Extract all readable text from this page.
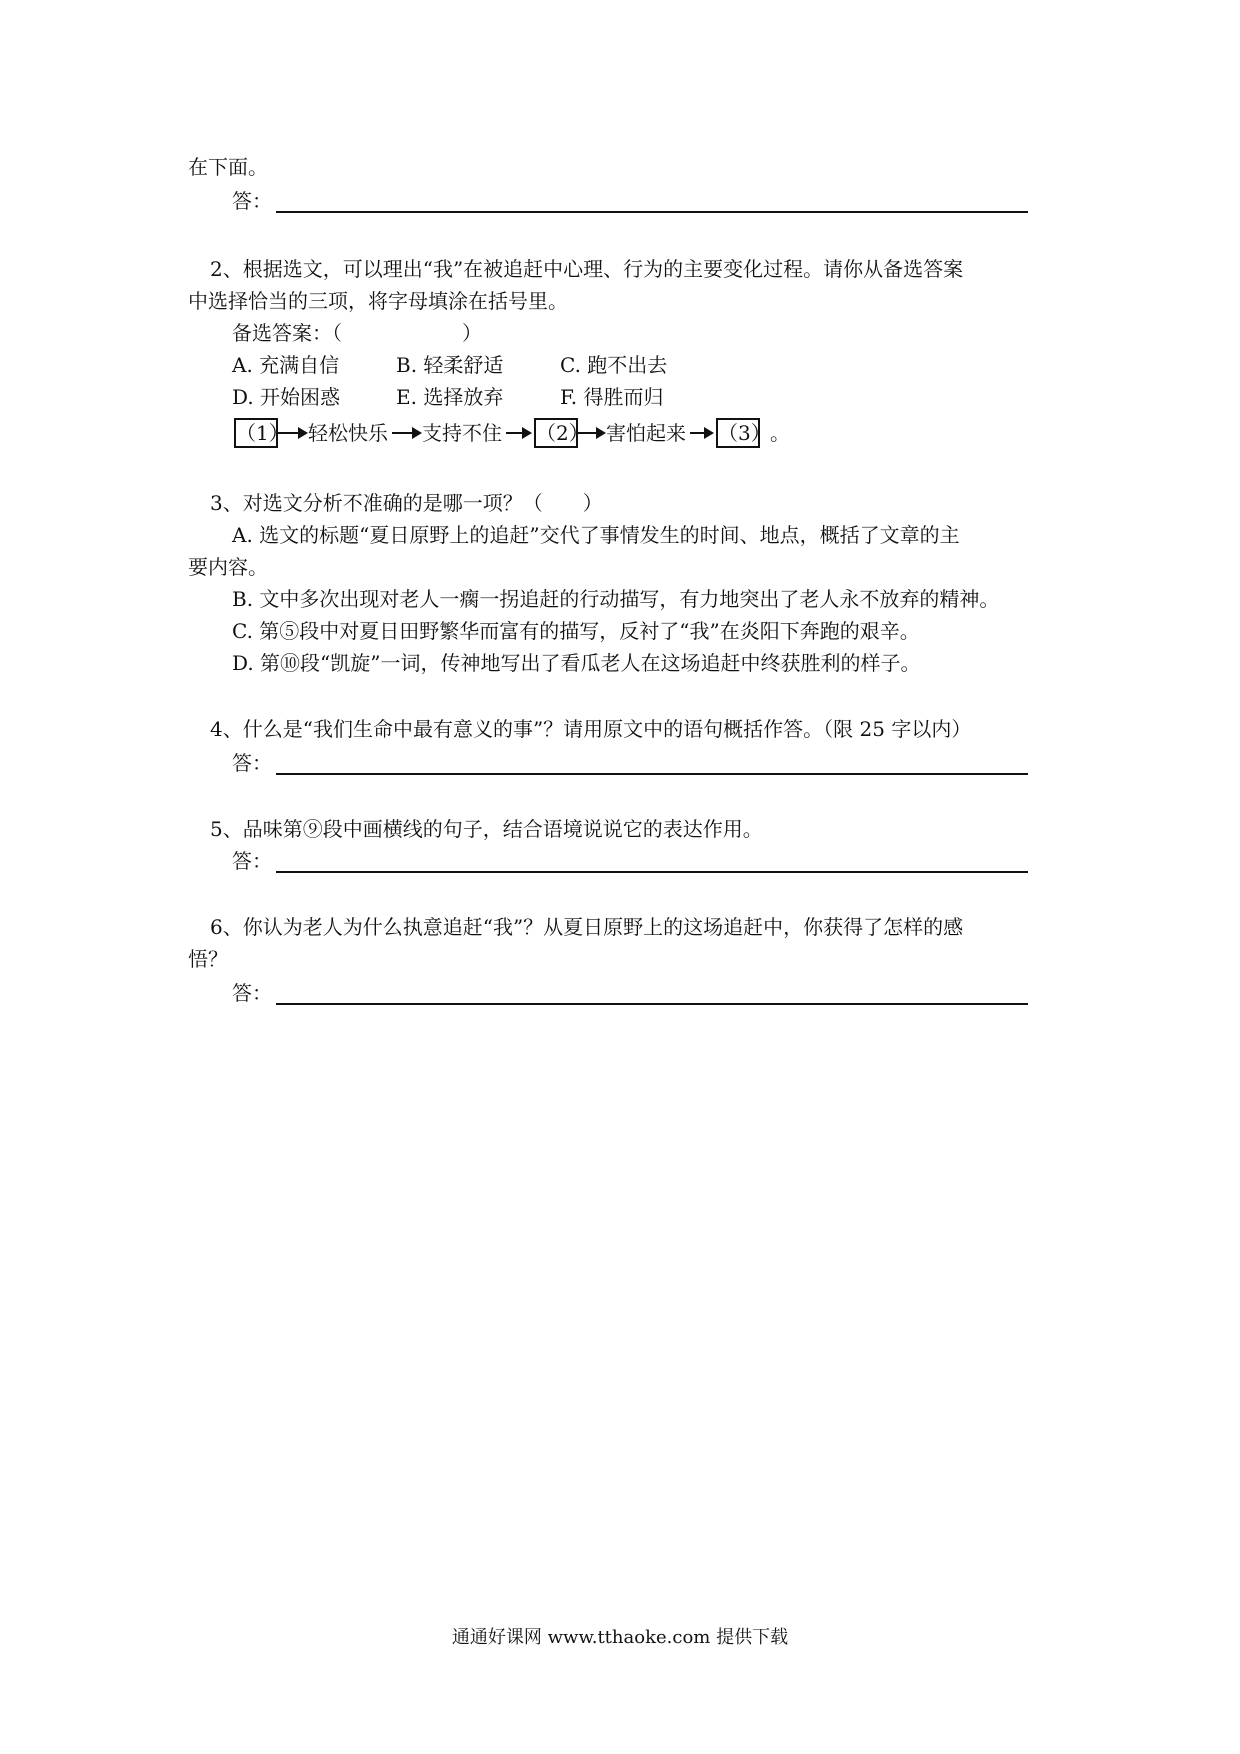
在下面。
答：
2、根据选文，可以理出“我”在被追赶中心理、行为的主要变化过程。请你从备选答案
中选择恰当的三项，将字母填涂在括号里。
备选答案：（　　　　　　）
A. 充满自信	B. 轻柔舒适	C. 跑不出去
D. 开始困惑	E. 选择放弃	F. 得胜而归
（1） 轻松快乐 支持不住 （2） 害怕起来 （3） 。
3、对选文分析不准确的是哪一项？（　　）
A. 选文的标题“夏日原野上的追赶”交代了事情发生的时间、地点，概括了文章的主
要内容。
B. 文中多次出现对老人一瘸一拐追赶的行动描写，有力地突出了老人永不放弃的精神。
C. 第⑤段中对夏日田野繁华而富有的描写，反衬了“我”在炎阳下奔跑的艰辛。
D. 第⑩段“凯旋”一词，传神地写出了看瓜老人在这场追赶中终获胜利的样子。
4、什么是“我们生命中最有意义的事”？请用原文中的语句概括作答。（限 25 字以内）
答：
5、品味第⑨段中画横线的句子，结合语境说说它的表达作用。
答：
6、你认为老人为什么执意追赶“我”？从夏日原野上的这场追赶中，你获得了怎样的感
悟？
答：
通通好课网 www.tthaoke.com 提供下载
